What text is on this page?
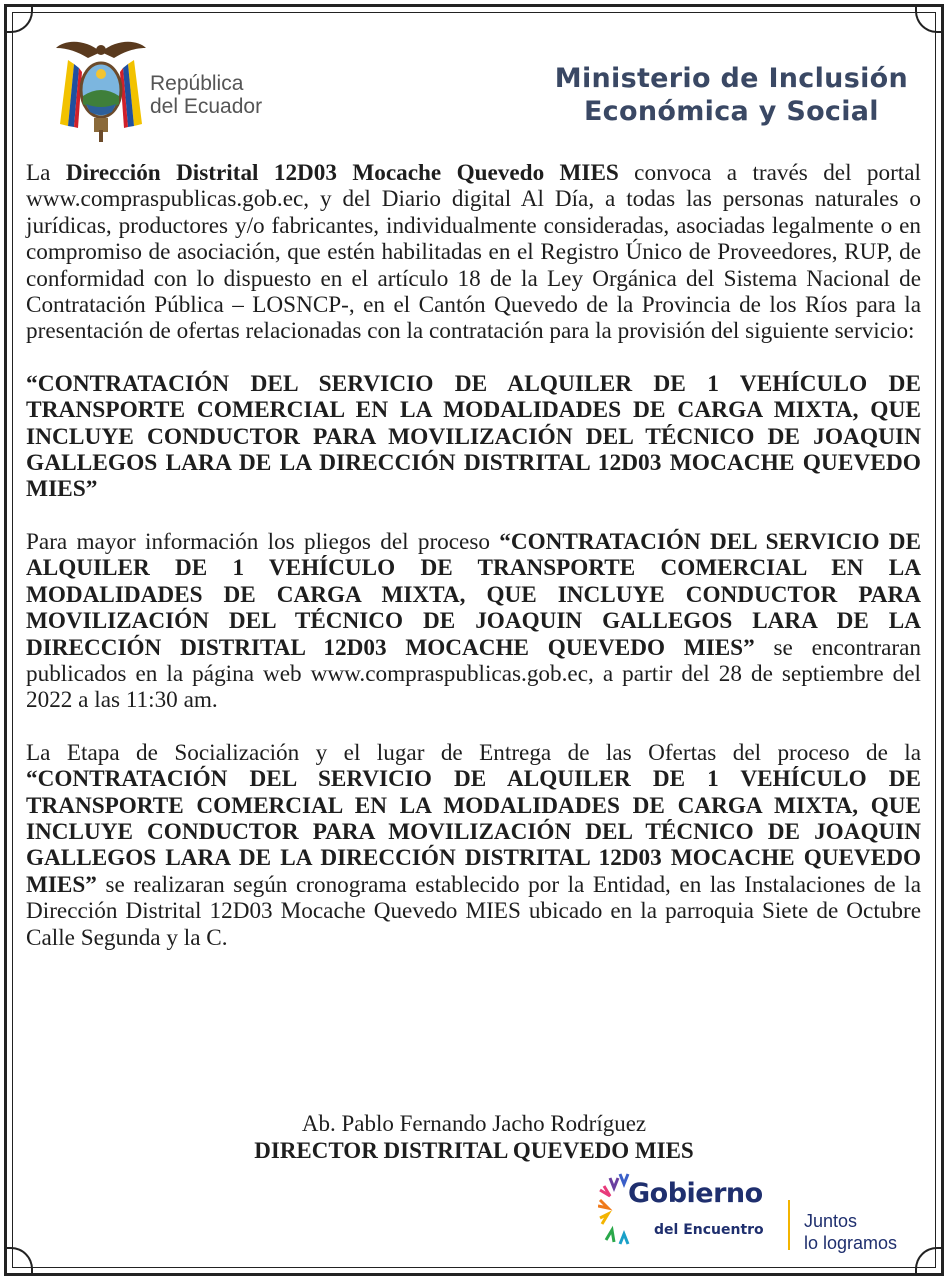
República
del Ecuador
Ministerio de Inclusión
Económica y Social

La Dirección Distrital 12D03 Mocache Quevedo MIES convoca a través del portal www.compraspublicas.gob.ec, y del Diario digital Al Día, a todas las personas naturales o jurídicas, productores y/o fabricantes, individualmente consideradas, asociadas legalmente o en compromiso de asociación, que estén habilitadas en el Registro Único de Proveedores, RUP, de conformidad con lo dispuesto en el artículo 18 de la Ley Orgánica del Sistema Nacional de Contratación Pública – LOSNCP-, en el Cantón Quevedo de la Provincia de los Ríos para la presentación de ofertas relacionadas con la contratación para la provisión del siguiente servicio:

“CONTRATACIÓN DEL SERVICIO DE ALQUILER DE 1 VEHÍCULO DE TRANSPORTE COMERCIAL EN LA MODALIDADES DE CARGA MIXTA, QUE INCLUYE CONDUCTOR PARA MOVILIZACIÓN DEL TÉCNICO DE JOAQUIN GALLEGOS LARA DE LA DIRECCIÓN DISTRITAL 12D03 MOCACHE QUEVEDO MIES”

Para mayor información los pliegos del proceso “CONTRATACIÓN DEL SERVICIO DE ALQUILER DE 1 VEHÍCULO DE TRANSPORTE COMERCIAL EN LA MODALIDADES DE CARGA MIXTA, QUE INCLUYE CONDUCTOR PARA MOVILIZACIÓN DEL TÉCNICO DE JOAQUIN GALLEGOS LARA DE LA DIRECCIÓN DISTRITAL 12D03 MOCACHE QUEVEDO MIES” se encontraran publicados en la página web www.compraspublicas.gob.ec, a partir del 28 de septiembre del 2022 a las 11:30 am.

La Etapa de Socialización y el lugar de Entrega de las Ofertas del proceso de la “CONTRATACIÓN DEL SERVICIO DE ALQUILER DE 1 VEHÍCULO DE TRANSPORTE COMERCIAL EN LA MODALIDADES DE CARGA MIXTA, QUE INCLUYE CONDUCTOR PARA MOVILIZACIÓN DEL TÉCNICO DE JOAQUIN GALLEGOS LARA DE LA DIRECCIÓN DISTRITAL 12D03 MOCACHE QUEVEDO MIES” se realizaran según cronograma establecido por la Entidad, en las Instalaciones de la Dirección Distrital 12D03 Mocache Quevedo MIES ubicado en la parroquia Siete de Octubre Calle Segunda y la C.

Ab. Pablo Fernando Jacho Rodríguez
DIRECTOR DISTRITAL QUEVEDO MIES
Gobierno
del Encuentro Juntos
lo logramos
